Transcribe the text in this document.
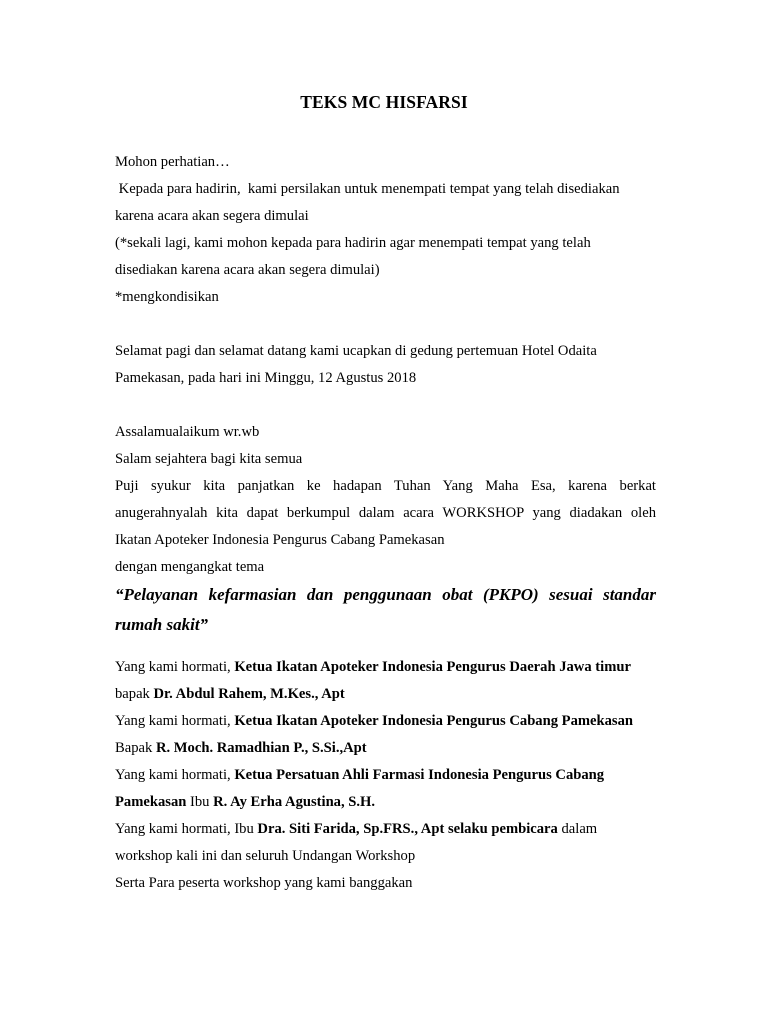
TEKS MC HISFARSI
Mohon perhatian…
Kepada para hadirin,  kami persilakan untuk menempati tempat yang telah disediakan
karena acara akan segera dimulai
(*sekali lagi, kami mohon kepada para hadirin agar menempati tempat yang telah
disediakan karena acara akan segera dimulai)
*mengkondisikan
Selamat pagi dan selamat datang kami ucapkan di gedung pertemuan Hotel Odaita
Pamekasan, pada hari ini Minggu, 12 Agustus 2018
Assalamualaikum wr.wb
Salam sejahtera bagi kita semua
Puji syukur kita panjatkan ke hadapan Tuhan Yang Maha Esa, karena berkat
anugerahnyalah kita dapat berkumpul dalam acara WORKSHOP yang diadakan oleh
Ikatan Apoteker Indonesia Pengurus Cabang Pamekasan
dengan mengangkat tema
“Pelayanan kefarmasian dan penggunaan obat (PKPO) sesuai standar
rumah sakit”
Yang kami hormati, Ketua Ikatan Apoteker Indonesia Pengurus Daerah Jawa timur
bapak Dr. Abdul Rahem, M.Kes., Apt
Yang kami hormati, Ketua Ikatan Apoteker Indonesia Pengurus Cabang Pamekasan
Bapak R. Moch. Ramadhian P., S.Si.,Apt
Yang kami hormati, Ketua Persatuan Ahli Farmasi Indonesia Pengurus Cabang
Pamekasan Ibu R. Ay Erha Agustina, S.H.
Yang kami hormati, Ibu Dra. Siti Farida, Sp.FRS., Apt selaku pembicara dalam
workshop kali ini dan seluruh Undangan Workshop
Serta Para peserta workshop yang kami banggakan
